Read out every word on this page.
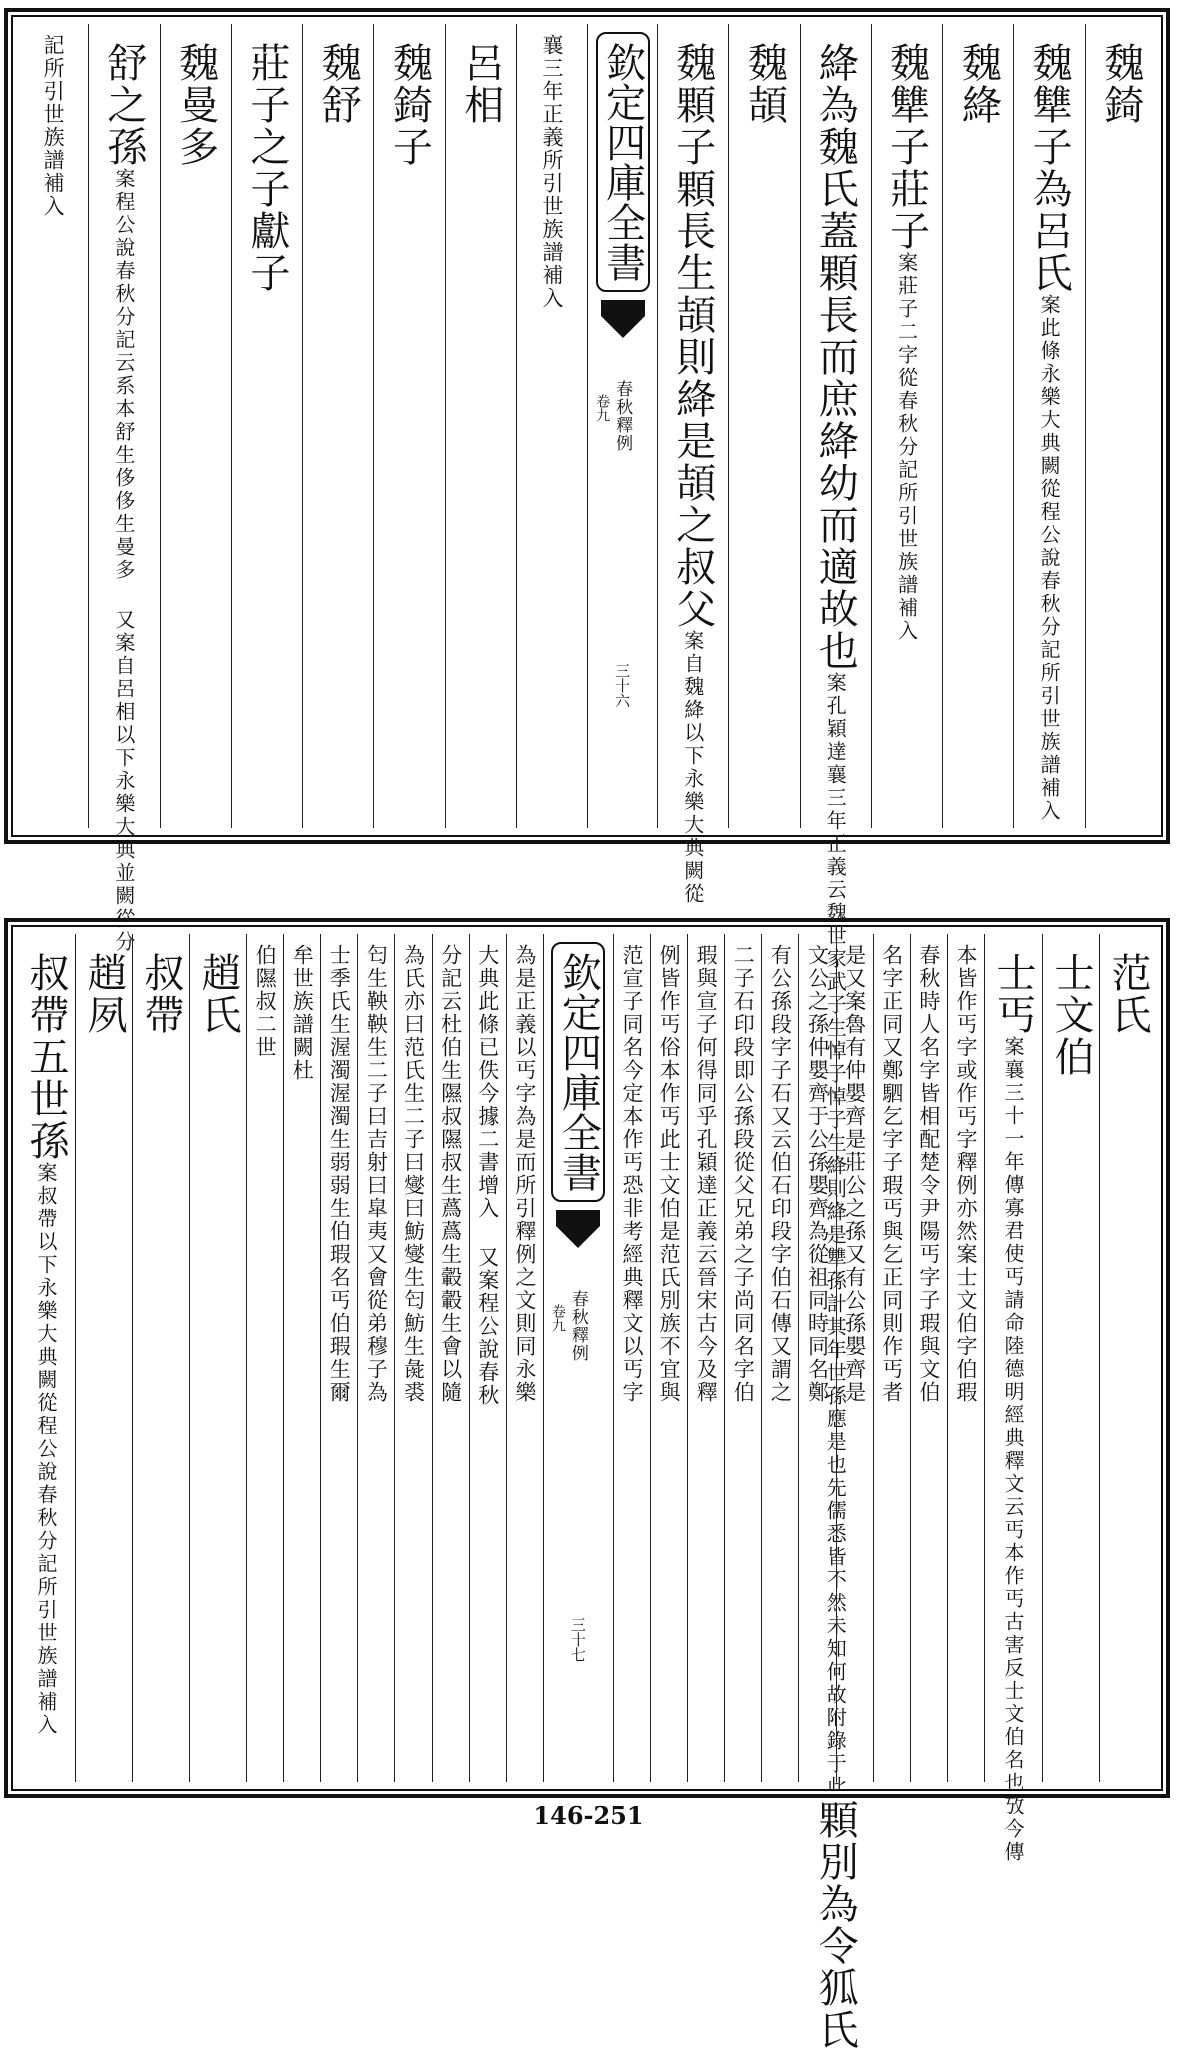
魏錡
魏犨子為呂氏案此條永樂大典闕從程公說春秋分記所引世族譜補入
魏絳
魏犨子莊子案莊子二字從春秋分記所引世族譜補入
絳為魏氏蓋顆長而庶絳幼而適故也案孔穎達襄三年正義云魏世家武子生悼子悼子生絳則絳是犨孫計其年世孫應是也先儒悉皆不然未知何故附錄于此顆別為令狐氏
魏頡
魏顆子顆長生頡則絳是頡之叔父案自魏絳以下永樂大典闕從
欽定四庫全書
春秋釋例
卷九
三十六
襄三年正義所引世族譜補入
呂相
魏錡子
魏舒
莊子之子獻子
魏曼多
舒之孫案程公說春秋分記云系本舒生侈侈生曼多 又案自呂相以下永樂大典並闕從分
記所引世族譜補入
范氏
士文伯
士丐案襄三十一年傳寡君使丐請命陸德明經典釋文云丐本作丐古害反士文伯名也攷今傳
本皆作丐字或作丐字釋例亦然案士文伯字伯瑕
春秋時人名字皆相配楚令尹陽丐字子瑕與文伯
名字正同又鄭駟乞字子瑕丐與乞正同則作丐者
是又案魯有仲嬰齊是莊公之孫又有公孫嬰齊是
文公之孫仲嬰齊于公孫嬰齊為從祖同時同名鄭
有公孫段字子石又云伯石印段字伯石傳又謂之
二子石印段即公孫段從父兄弟之子尚同名字伯
瑕與宣子何得同乎孔穎達正義云晉宋古今及釋
例皆作丐俗本作丐此士文伯是范氏別族不宜與
范宣子同名今定本作丐恐非考經典釋文以丐字
欽定四庫全書
春秋釋例
卷九
三十七
為是正義以丐字為是而所引釋例之文則同永樂
大典此條已佚今據二書增入 又案程公說春秋
分記云杜伯生隰叔隰叔生蔿蔿生轂轂生會以隨
為氏亦曰范氏生二子曰燮曰魴燮生匄魴生彘裘
匄生鞅鞅生二子曰吉射曰皐夷又會從弟穆子為
士季氏生渥濁渥濁生弱弱生伯瑕名丐伯瑕生爾
牟世族譜闕杜
伯隰叔二世
趙氏
叔帶
趙夙
叔帶五世孫案叔帶以下永樂大典闕從程公說春秋分記所引世族譜補入
146-251
